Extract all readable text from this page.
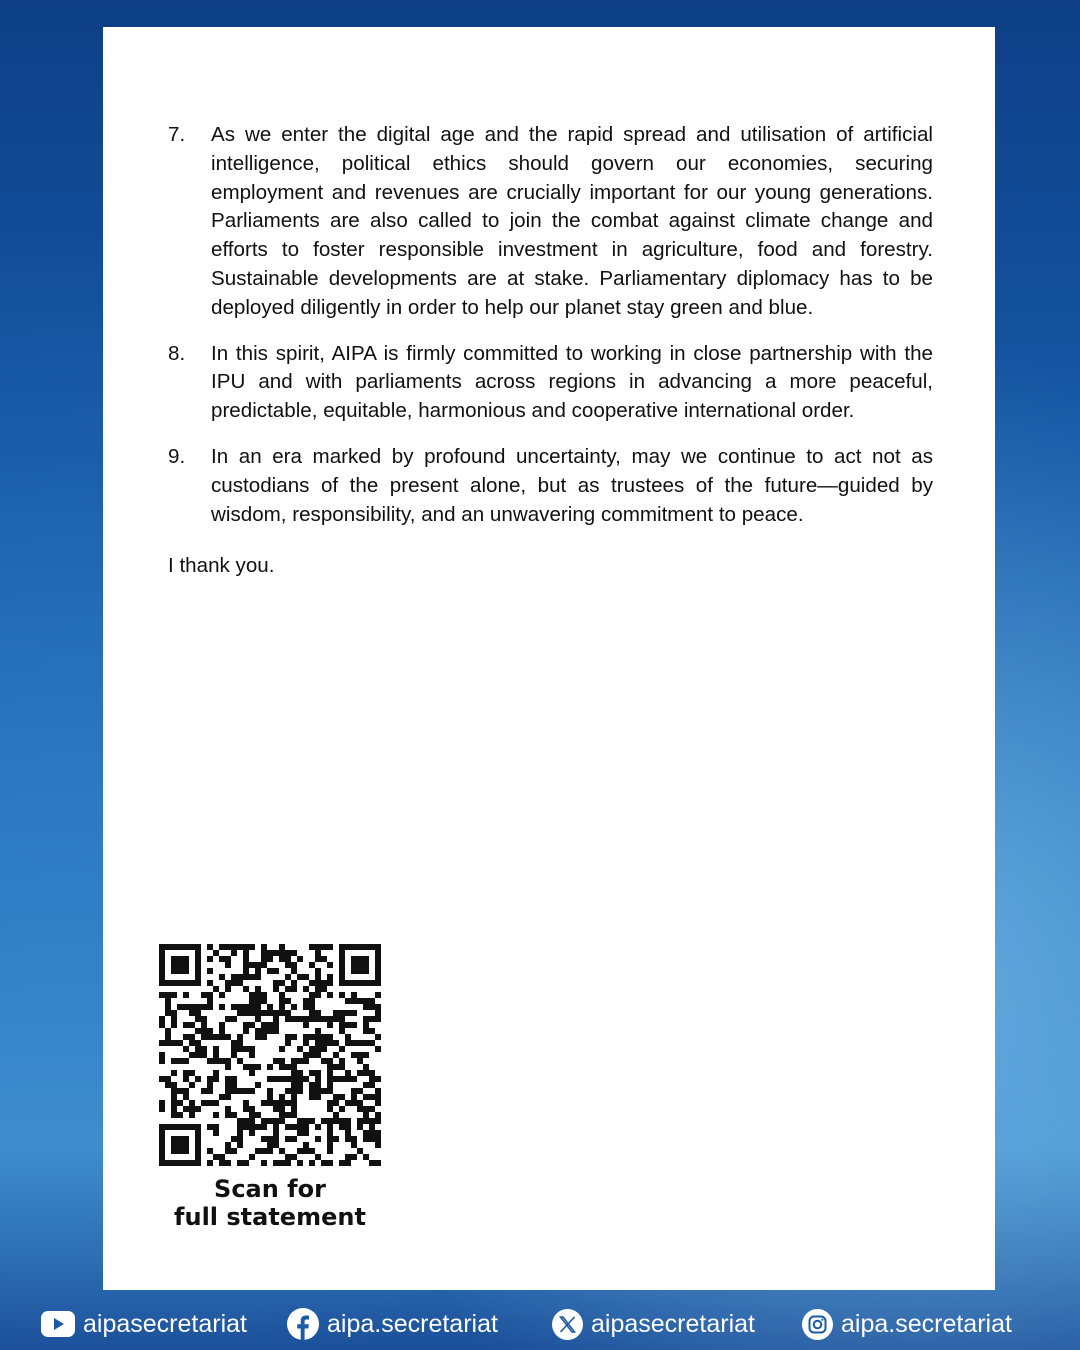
7.	As we enter the digital age and the rapid spread and utilisation of artificial intelligence, political ethics should govern our economies, securing employment and revenues are crucially important for our young generations. Parliaments are also called to join the combat against climate change and efforts to foster responsible investment in agriculture, food and forestry. Sustainable developments are at stake. Parliamentary diplomacy has to be deployed diligently in order to help our planet stay green and blue.
8.	In this spirit, AIPA is firmly committed to working in close partnership with the IPU and with parliaments across regions in advancing a more peaceful, predictable, equitable, harmonious and cooperative international order.
9.	In an era marked by profound uncertainty, may we continue to act not as custodians of the present alone, but as trustees of the future—guided by wisdom, responsibility, and an unwavering commitment to peace.
I thank you.
Scan for
full statement
aipasecretariat	aipa.secretariat	aipasecretariat	aipa.secretariat
